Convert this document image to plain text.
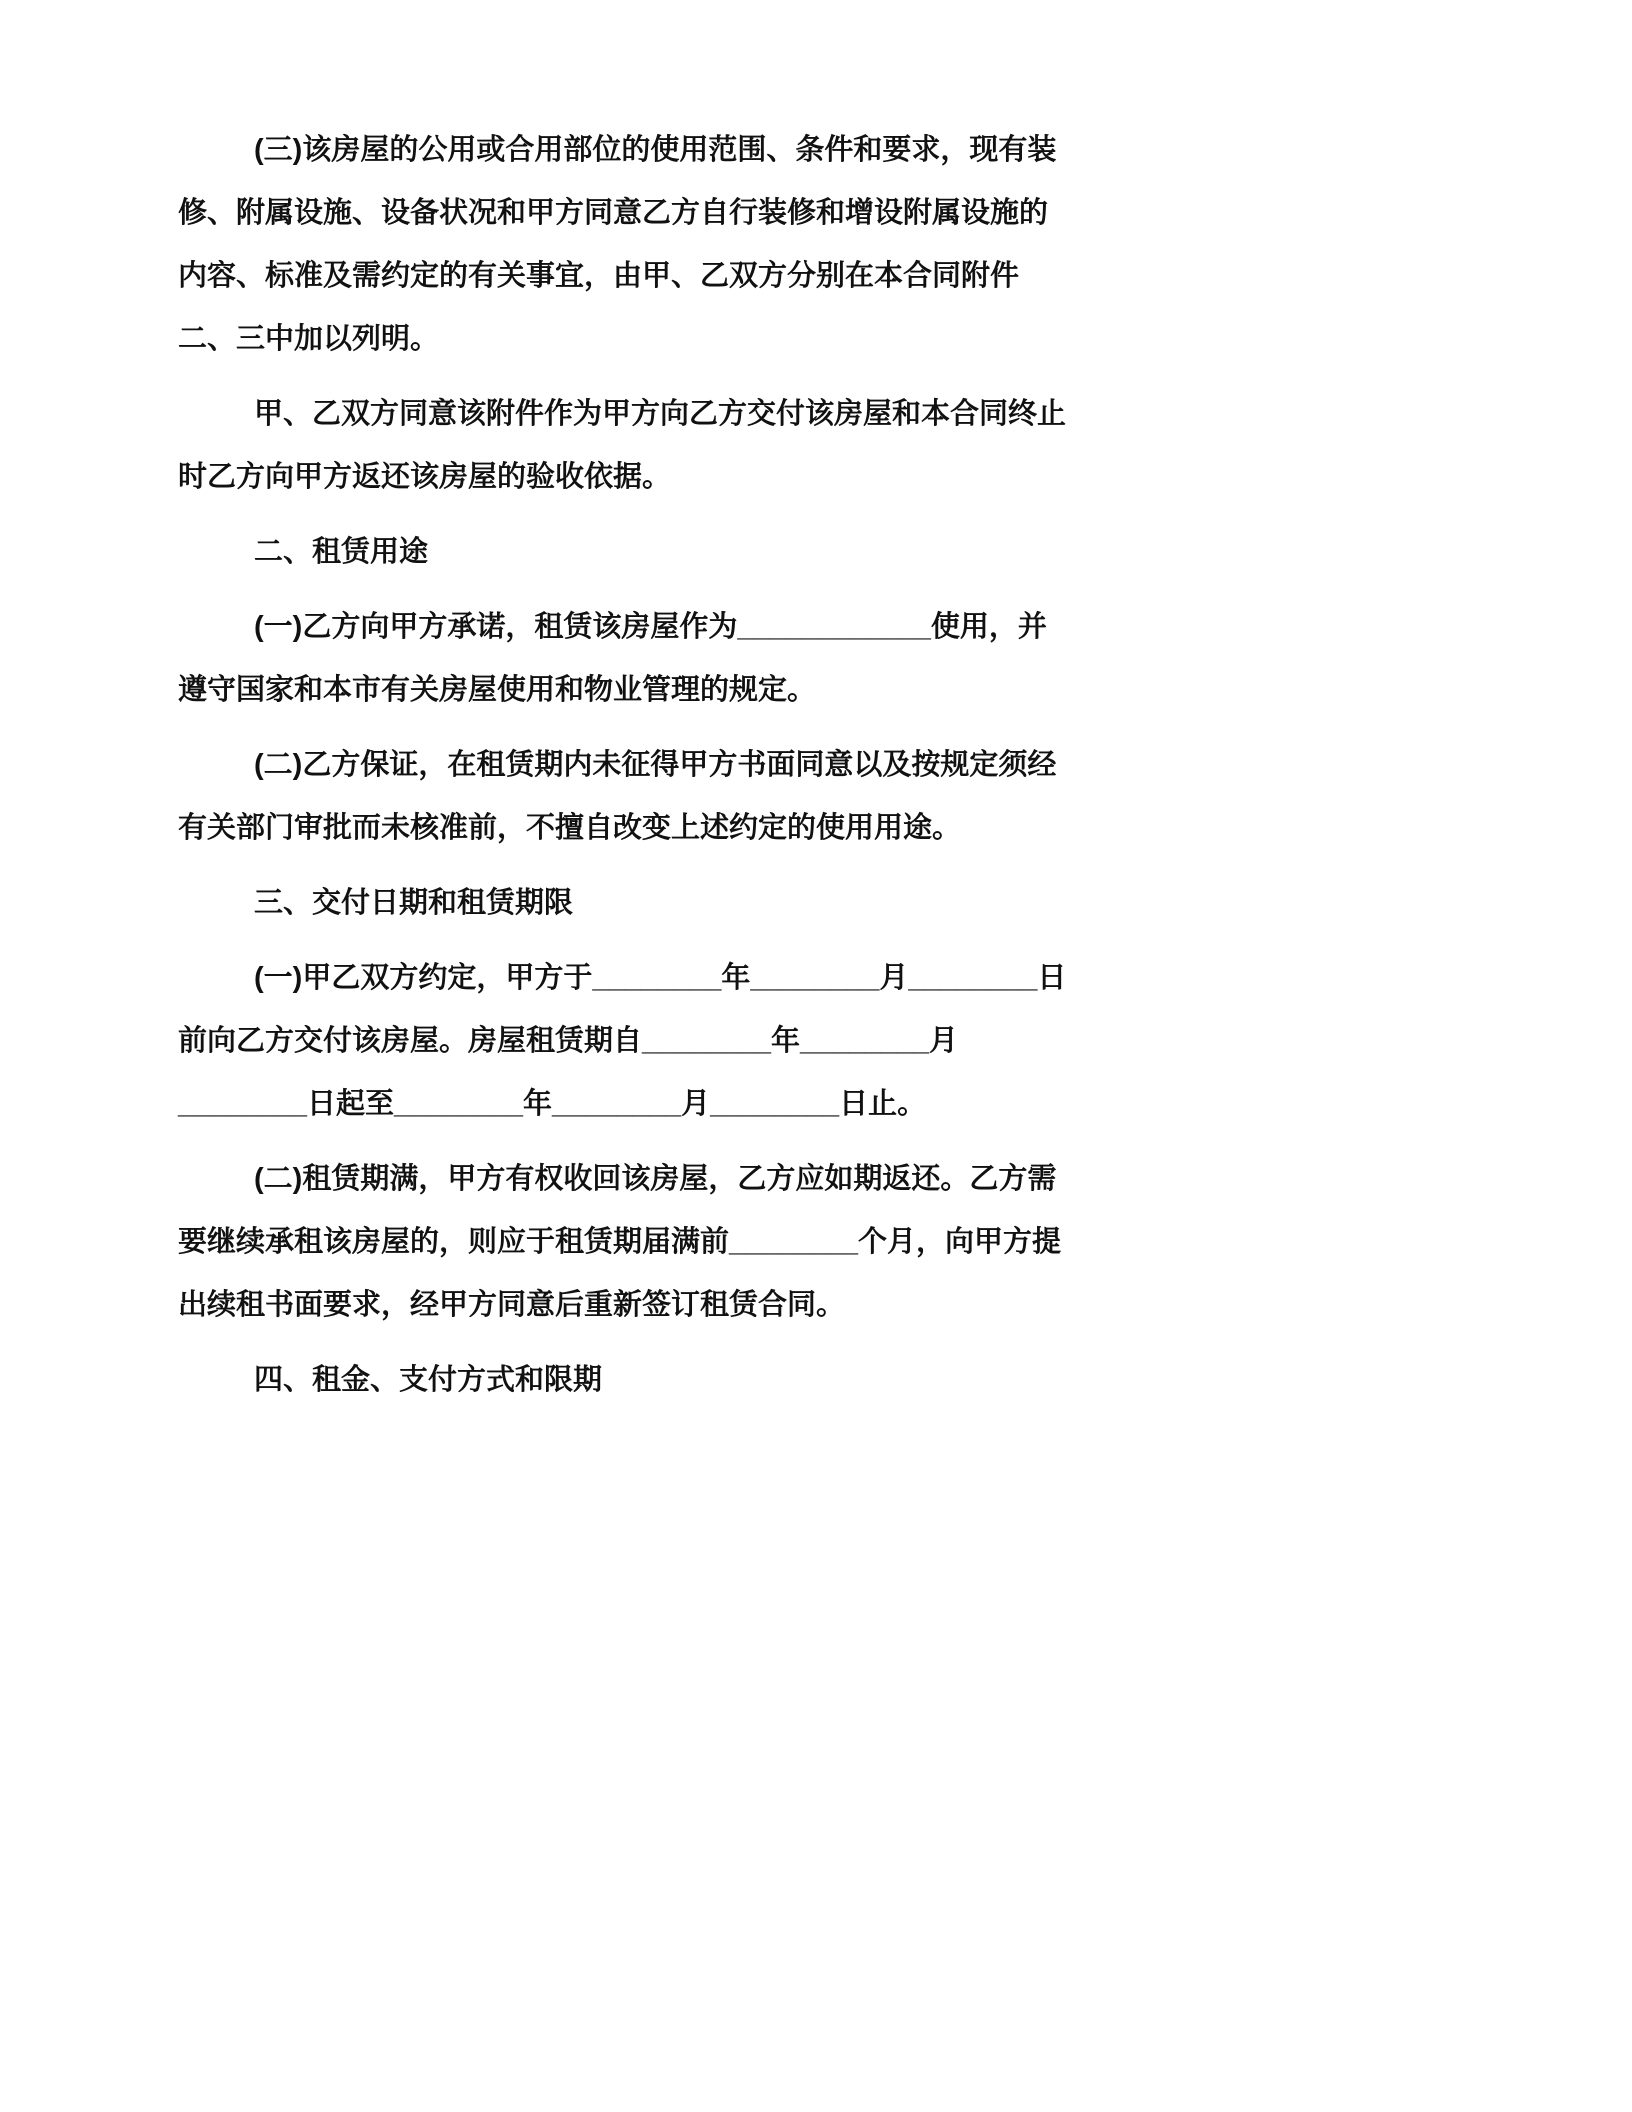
(三)该房屋的公用或合用部位的使用范围、条件和要求，现有装修、附属设施、设备状况和甲方同意乙方自行装修和增设附属设施的内容、标准及需约定的有关事宜，由甲、乙双方分别在本合同附件二、三中加以列明。

甲、乙双方同意该附件作为甲方向乙方交付该房屋和本合同终止时乙方向甲方返还该房屋的验收依据。

二、租赁用途

(一)乙方向甲方承诺，租赁该房屋作为____________使用，并遵守国家和本市有关房屋使用和物业管理的规定。

(二)乙方保证，在租赁期内未征得甲方书面同意以及按规定须经有关部门审批而未核准前，不擅自改变上述约定的使用用途。

三、交付日期和租赁期限

(一)甲乙双方约定，甲方于________年________月________日前向乙方交付该房屋。房屋租赁期自________年________月________日起至________年________月________日止。

(二)租赁期满，甲方有权收回该房屋，乙方应如期返还。乙方需要继续承租该房屋的，则应于租赁期届满前________个月，向甲方提出续租书面要求，经甲方同意后重新签订租赁合同。

四、租金、支付方式和限期
